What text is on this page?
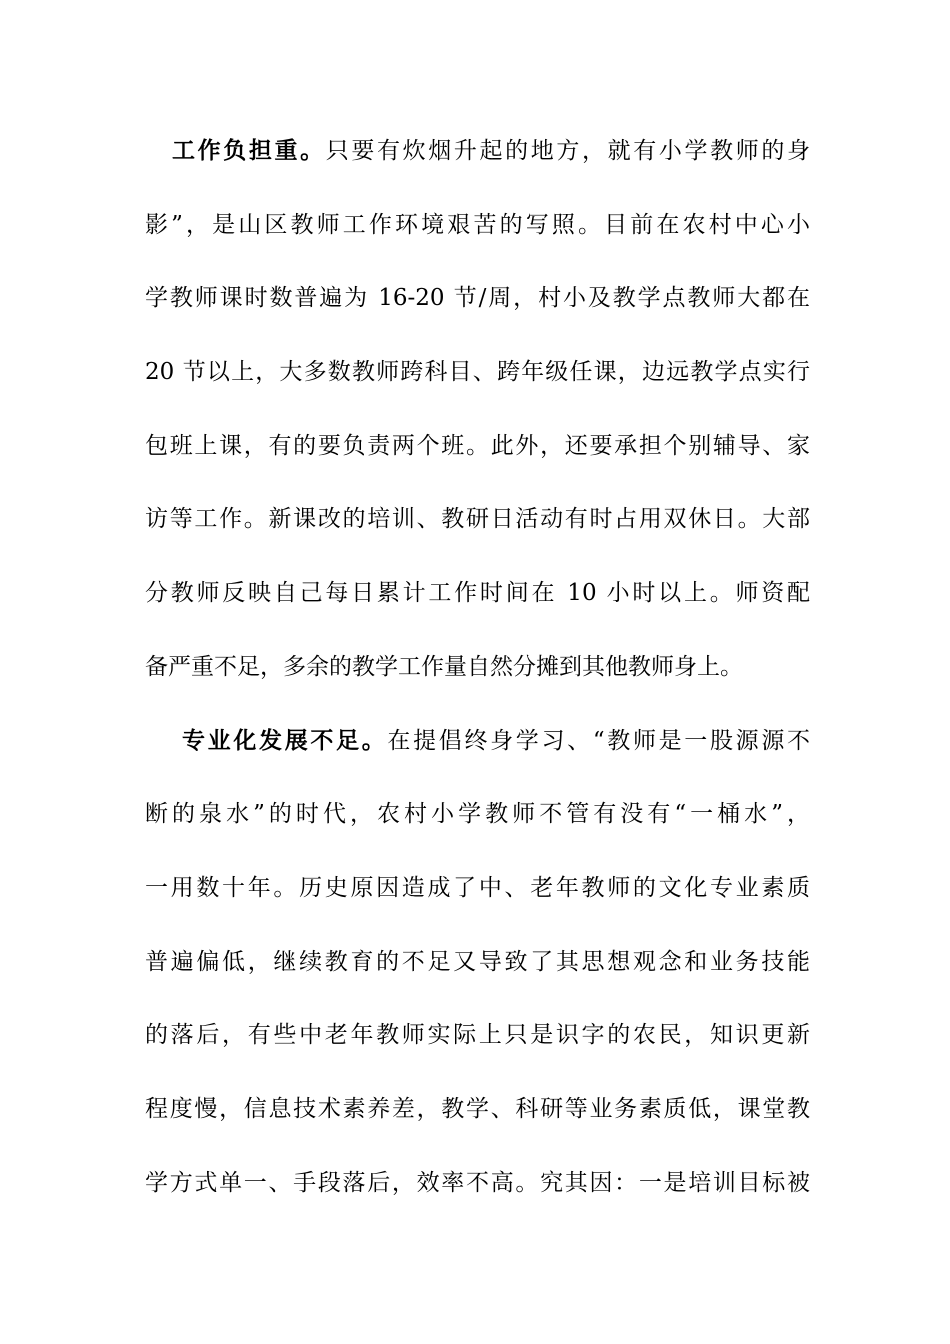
工作负担重。只要有炊烟升起的地方，就有小学教师的身
影”，是山区教师工作环境艰苦的写照。目前在农村中心小
学教师课时数普遍为 16-20 节/周，村小及教学点教师大都在
20 节以上，大多数教师跨科目、跨年级任课，边远教学点实行
包班上课，有的要负责两个班。此外，还要承担个别辅导、家
访等工作。新课改的培训、教研日活动有时占用双休日。大部
分教师反映自己每日累计工作时间在 10 小时以上。师资配
备严重不足，多余的教学工作量自然分摊到其他教师身上。
专业化发展不足。在提倡终身学习、“教师是一股源源不
断的泉水”的时代，农村小学教师不管有没有“一桶水”，
一用数十年。历史原因造成了中、老年教师的文化专业素质
普遍偏低，继续教育的不足又导致了其思想观念和业务技能
的落后，有些中老年教师实际上只是识字的农民，知识更新
程度慢，信息技术素养差，教学、科研等业务素质低，课堂教
学方式单一、手段落后，效率不高。究其因：一是培训目标被
